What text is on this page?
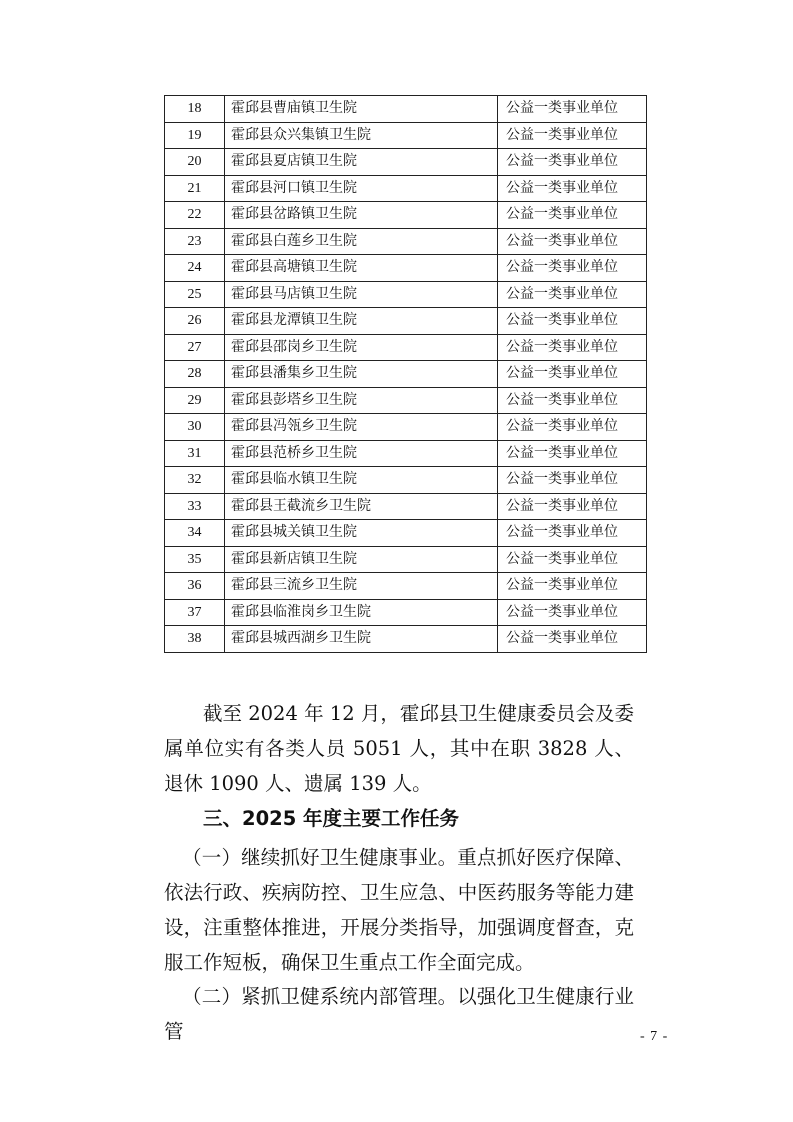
18	霍邱县曹庙镇卫生院	公益一类事业单位
19	霍邱县众兴集镇卫生院	公益一类事业单位
20	霍邱县夏店镇卫生院	公益一类事业单位
21	霍邱县河口镇卫生院	公益一类事业单位
22	霍邱县岔路镇卫生院	公益一类事业单位
23	霍邱县白莲乡卫生院	公益一类事业单位
24	霍邱县高塘镇卫生院	公益一类事业单位
25	霍邱县马店镇卫生院	公益一类事业单位
26	霍邱县龙潭镇卫生院	公益一类事业单位
27	霍邱县邵岗乡卫生院	公益一类事业单位
28	霍邱县潘集乡卫生院	公益一类事业单位
29	霍邱县彭塔乡卫生院	公益一类事业单位
30	霍邱县冯瓴乡卫生院	公益一类事业单位
31	霍邱县范桥乡卫生院	公益一类事业单位
32	霍邱县临水镇卫生院	公益一类事业单位
33	霍邱县王截流乡卫生院	公益一类事业单位
34	霍邱县城关镇卫生院	公益一类事业单位
35	霍邱县新店镇卫生院	公益一类事业单位
36	霍邱县三流乡卫生院	公益一类事业单位
37	霍邱县临淮岗乡卫生院	公益一类事业单位
38	霍邱县城西湖乡卫生院	公益一类事业单位
截至 2024 年 12 月，霍邱县卫生健康委员会及委属单位实有各类人员 5051 人，其中在职 3828 人、退休 1090 人、遗属 139 人。
三、2025 年度主要工作任务
（一）继续抓好卫生健康事业。重点抓好医疗保障、依法行政、疾病防控、卫生应急、中医药服务等能力建设，注重整体推进，开展分类指导，加强调度督查，克服工作短板，确保卫生重点工作全面完成。
（二）紧抓卫健系统内部管理。以强化卫生健康行业管	- 7 -
